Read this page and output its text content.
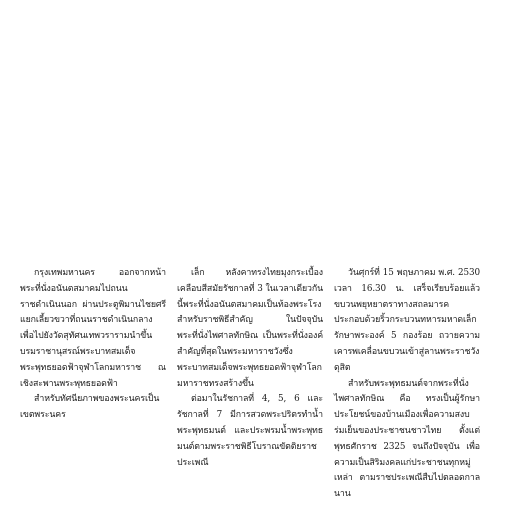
กรุงเทพมหานคร ออกจากหน้าพระที่นั่งอนันตสมาคมไปถนนราชดำเนินนอก ผ่านประตูพิมานไชยศรี แยกเลี้ยวขวาที่ถนนราชดำเนินกลางเพื่อไปยังวัดสุทัศนเทพวรารามนำขึ้นบรมราชานุสรณ์พระบาทสมเด็จพระพุทธยอดฟ้าจุฬาโลกมหาราช ณ เชิงสะพานพระพุทธยอดฟ้า

สำหรับทัศนียภาพของพระนครเป็นเขตพระนคร

เล็ก หลังคาทรงไทยมุงกระเบื้องเคลือบสีสมัยรัชกาลที่ 3 ในเวลาเดียวกันนี้พระที่นั่งอนันตสมาคมเป็นท้องพระโรงสำหรับราชพิธีสำคัญ ในปัจจุบันพระที่นั่งไพศาลทักษิณ เป็นพระที่นั่งองค์สำคัญที่สุดในพระมหาราชวังซึ่งพระบาทสมเด็จพระพุทธยอดฟ้าจุฬาโลกมหาราชทรงสร้างขึ้น

ต่อมาในรัชกาลที่ 4, 5, 6 และรัชกาลที่ 7 มีการสวดพระปริตรทำน้ำพระพุทธมนต์ และประพรมน้ำพระพุทธมนต์ตามพระราชพิธีโบราณขัตติยราชประเพณี

วันศุกร์ที่ 15 พฤษภาคม พ.ศ. 2530 เวลา 16.30 น. เสร็จเรียบร้อยแล้ว ขบวนพยุหยาตราทางสถลมารค ประกอบด้วยริ้วกระบวนทหารมหาดเล็กรักษาพระองค์ 5 กองร้อย ถวายความเคารพเคลื่อนขบวนเข้าสู่ลานพระราชวังดุสิต

สำหรับพระพุทธมนต์จากพระที่นั่งไพศาลทักษิณ คือ ทรงเป็นผู้รักษาประโยชน์ของบ้านเมืองเพื่อความสงบร่มเย็นของประชาชนชาวไทย ตั้งแต่พุทธศักราช 2325 จนถึงปัจจุบัน เพื่อความเป็นสิริมงคลแก่ประชาชนทุกหมู่เหล่า ตามราชประเพณีสืบไปตลอดกาลนาน
